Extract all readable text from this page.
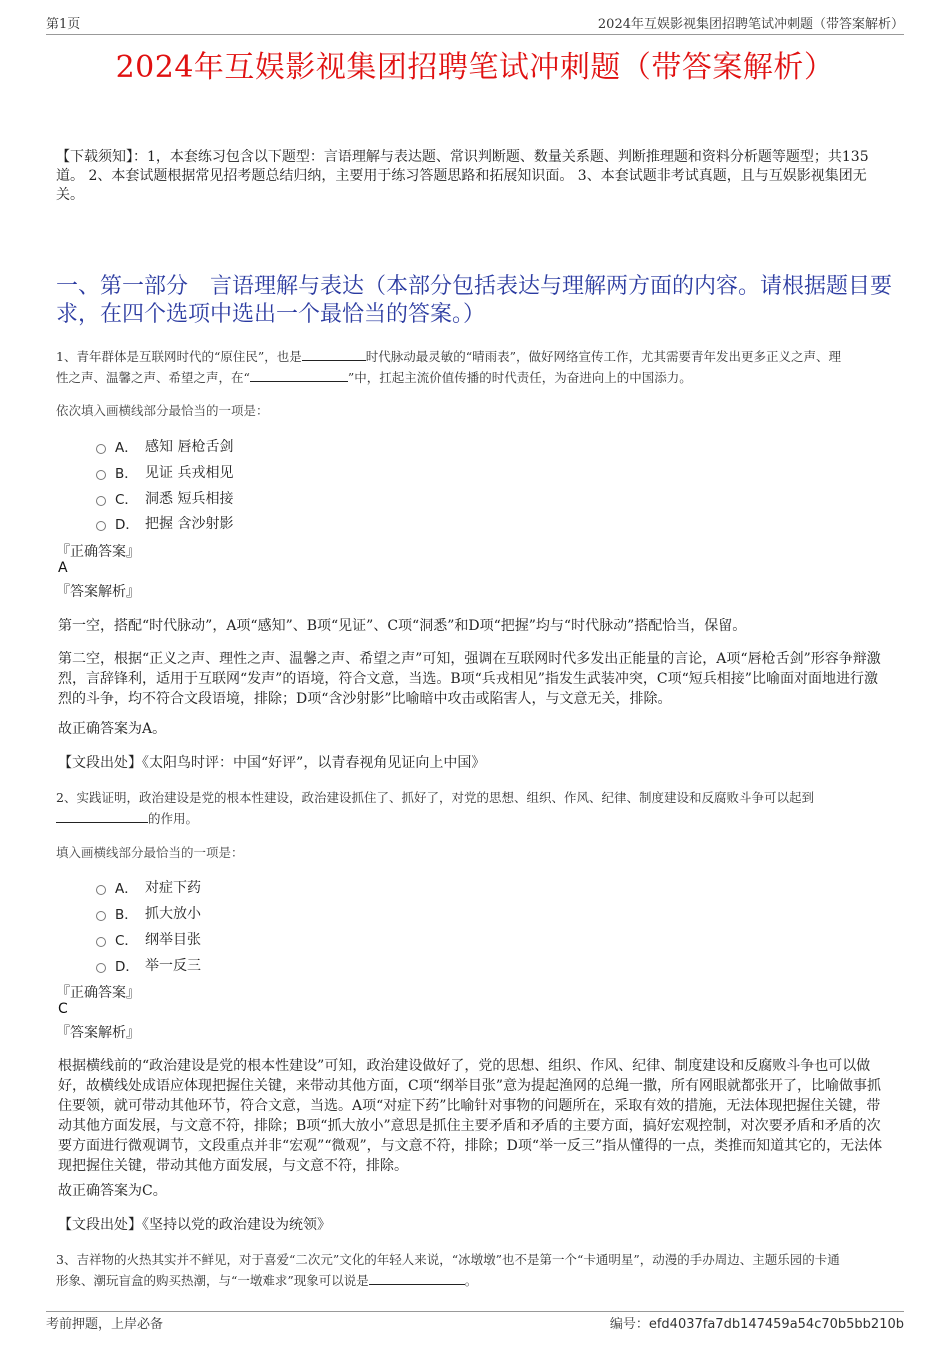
第1页	2024年互娱影视集团招聘笔试冲刺题（带答案解析）
2024年互娱影视集团招聘笔试冲刺题（带答案解析）
【下载须知】：1，本套练习包含以下题型：言语理解与表达题、常识判断题、数量关系题、判断推理题和资料分析题等题型；共135道。 2、本套试题根据常见招考题总结归纳，主要用于练习答题思路和拓展知识面。 3、本套试题非考试真题，且与互娱影视集团无关。
一、第一部分　言语理解与表达（本部分包括表达与理解两方面的内容。请根据题目要求，在四个选项中选出一个最恰当的答案。）
1、青年群体是互联网时代的“原住民”，也是	时代脉动最灵敏的“晴雨表”，做好网络宣传工作，尤其需要青年发出更多正义之声、理
性之声、温馨之声、希望之声，在“	”中，扛起主流价值传播的时代责任，为奋进向上的中国添力。
依次填入画横线部分最恰当的一项是：
A． 感知 唇枪舌剑
B． 见证 兵戎相见
C． 洞悉 短兵相接
D． 把握 含沙射影
『正确答案』
A
『答案解析』
第一空，搭配“时代脉动”，A项“感知”、B项“见证”、C项“洞悉”和D项“把握”均与“时代脉动”搭配恰当，保留。
第二空，根据“正义之声、理性之声、温馨之声、希望之声”可知，强调在互联网时代多发出正能量的言论，A项“唇枪舌剑”形容争辩激烈，言辞锋利，适用于互联网“发声”的语境，符合文意，当选。B项“兵戎相见”指发生武装冲突，C项“短兵相接”比喻面对面地进行激烈的斗争，均不符合文段语境，排除；D项“含沙射影”比喻暗中攻击或陷害人，与文意无关，排除。
故正确答案为A。
【文段出处】《太阳鸟时评：中国“好评”，以青春视角见证向上中国》
2、实践证明，政治建设是党的根本性建设，政治建设抓住了、抓好了，对党的思想、组织、作风、纪律、制度建设和反腐败斗争可以起到
的作用。
填入画横线部分最恰当的一项是：
A． 对症下药
B． 抓大放小
C． 纲举目张
D． 举一反三
『正确答案』
C
『答案解析』
根据横线前的“政治建设是党的根本性建设”可知，政治建设做好了，党的思想、组织、作风、纪律、制度建设和反腐败斗争也可以做好，故横线处成语应体现把握住关键，来带动其他方面，C项“纲举目张”意为提起渔网的总绳一撒，所有网眼就都张开了，比喻做事抓住要领，就可带动其他环节，符合文意，当选。A项“对症下药”比喻针对事物的问题所在，采取有效的措施，无法体现把握住关键，带动其他方面发展，与文意不符，排除；B项“抓大放小”意思是抓住主要矛盾和矛盾的主要方面，搞好宏观控制，对次要矛盾和矛盾的次要方面进行微观调节，文段重点并非“宏观”“微观”，与文意不符，排除；D项“举一反三”指从懂得的一点，类推而知道其它的，无法体现把握住关键，带动其他方面发展，与文意不符，排除。
故正确答案为C。
【文段出处】《坚持以党的政治建设为统领》
3、吉祥物的火热其实并不鲜见，对于喜爱“二次元”文化的年轻人来说，“冰墩墩”也不是第一个“卡通明星”，动漫的手办周边、主题乐园的卡通
形象、潮玩盲盒的购买热潮，与“一墩难求”现象可以说是	。
考前押题，上岸必备	编号：efd4037fa7db147459a54c70b5bb210b
